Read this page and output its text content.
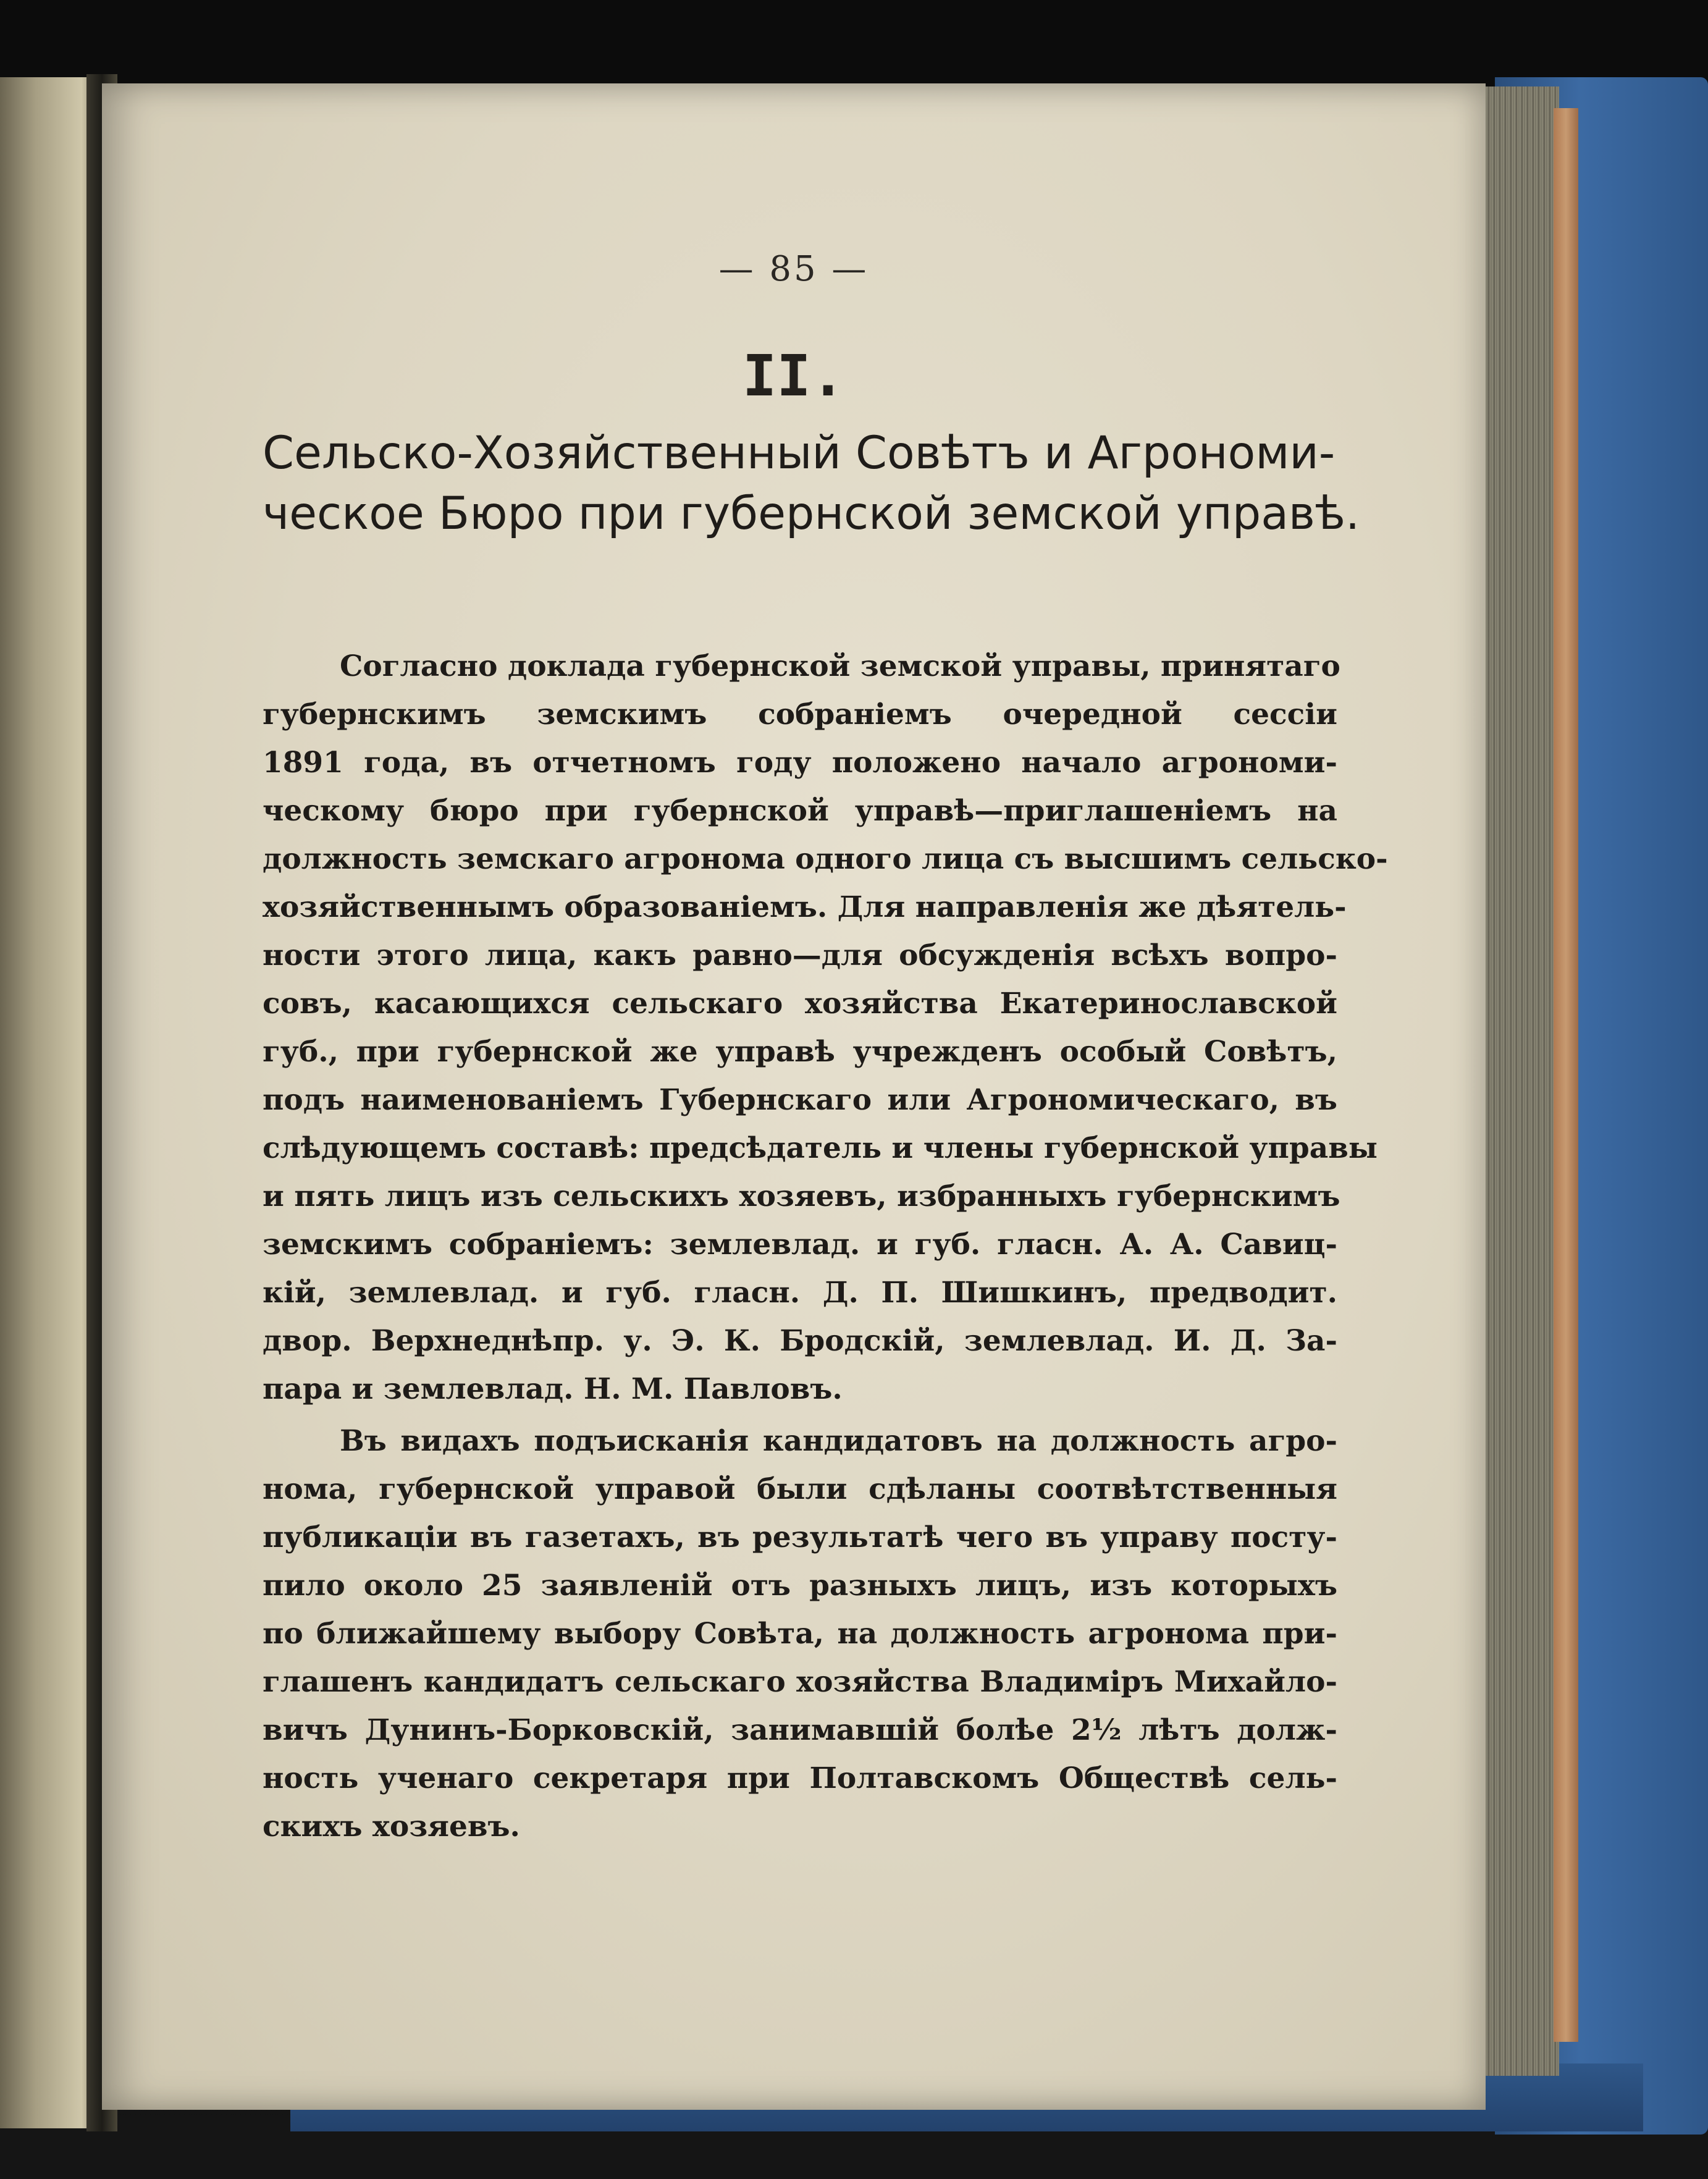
— 85 —
II.
Сельско-Хозяйственный Совѣтъ и Агрономи-
ческое Бюро при губернской земской управѣ.
Согласно доклада губернской земской управы, принятаго
губернскимъ земскимъ собраніемъ очередной сессіи
1891 года, въ отчетномъ году положено начало агрономи-
ческому бюро при губернской управѣ—приглашеніемъ на
должность земскаго агронома одного лица съ высшимъ сельско-
хозяйственнымъ образованіемъ. Для направленія же дѣятель-
ности этого лица, какъ равно—для обсужденія всѣхъ вопро-
совъ, касающихся сельскаго хозяйства Екатеринославской
губ., при губернской же управѣ учрежденъ особый Совѣтъ,
подъ наименованіемъ Губернскаго или Агрономическаго, въ
слѣдующемъ составѣ: предсѣдатель и члены губернской управы
и пять лицъ изъ сельскихъ хозяевъ, избранныхъ губернскимъ
земскимъ собраніемъ: землевлад. и губ. гласн. А. А. Савиц-
кій, землевлад. и губ. гласн. Д. П. Шишкинъ, предводит.
двор. Верхнеднѣпр. у. Э. К. Бродскій, землевлад. И. Д. За-
пара и землевлад. Н. М. Павловъ.
Въ видахъ подъисканія кандидатовъ на должность агро-
нома, губернской управой были сдѣланы соотвѣтственныя
публикаціи въ газетахъ, въ результатѣ чего въ управу посту-
пило около 25 заявленій отъ разныхъ лицъ, изъ которыхъ
по ближайшему выбору Совѣта, на должность агронома при-
глашенъ кандидатъ сельскаго хозяйства Владиміръ Михайло-
вичъ Дунинъ-Борковскій, занимавшій болѣе 2½ лѣтъ долж-
ность ученаго секретаря при Полтавскомъ Обществѣ сель-
скихъ хозяевъ.
